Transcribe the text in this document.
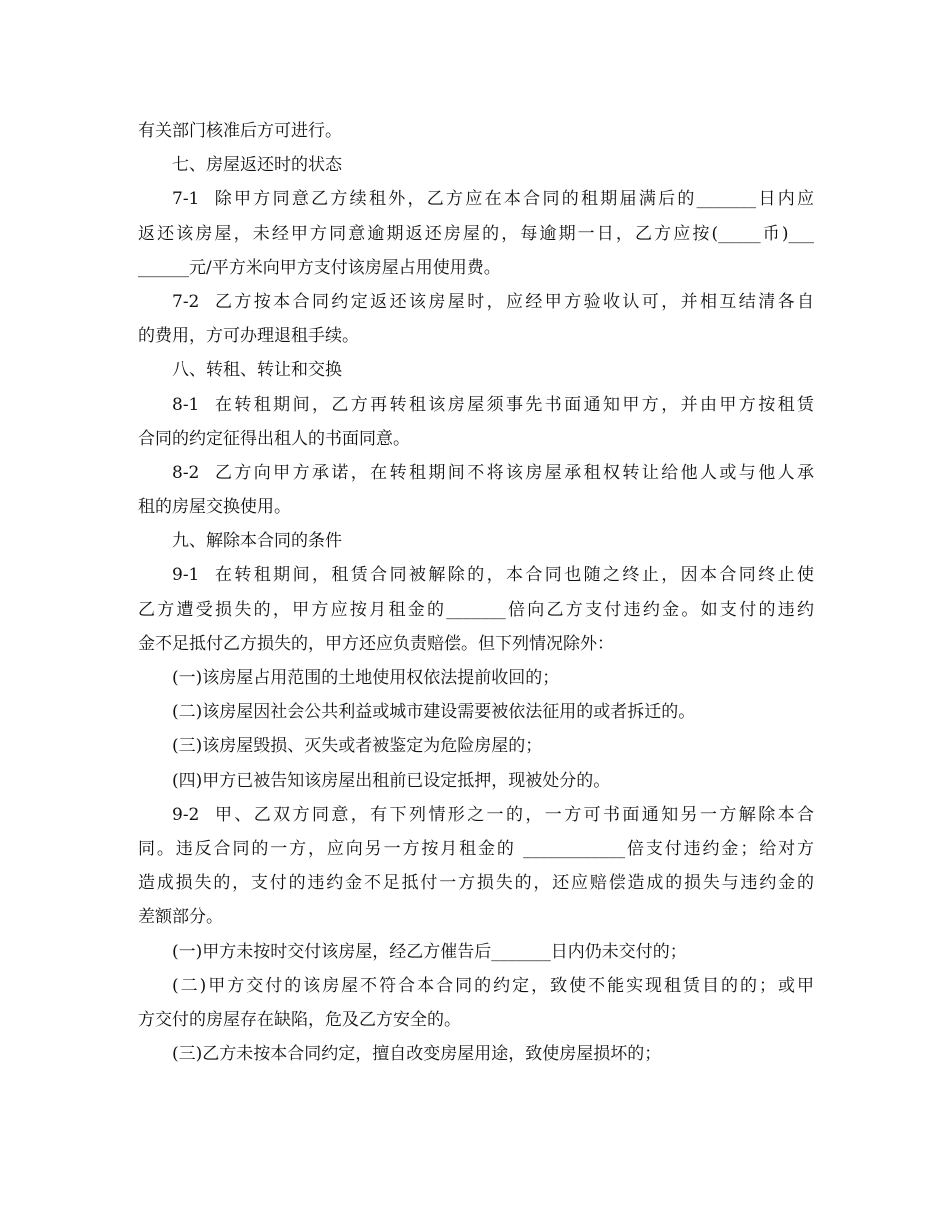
有关部门核准后方可进行。
七、房屋返还时的状态
7-1  除甲方同意乙方续租外，乙方应在本合同的租期届满后的_______日内应
返还该房屋，未经甲方同意逾期返还房屋的，每逾期一日，乙方应按(_____币)___
______元/平方米向甲方支付该房屋占用使用费。
7-2  乙方按本合同约定返还该房屋时，应经甲方验收认可，并相互结清各自
的费用，方可办理退租手续。
八、转租、转让和交换
8-1  在转租期间，乙方再转租该房屋须事先书面通知甲方，并由甲方按租赁
合同的约定征得出租人的书面同意。
8-2  乙方向甲方承诺，在转租期间不将该房屋承租权转让给他人或与他人承
租的房屋交换使用。
九、解除本合同的条件
9-1  在转租期间，租赁合同被解除的，本合同也随之终止，因本合同终止使
乙方遭受损失的，甲方应按月租金的_______倍向乙方支付违约金。如支付的违约
金不足抵付乙方损失的，甲方还应负责赔偿。但下列情况除外：
(一)该房屋占用范围的土地使用权依法提前收回的；
(二)该房屋因社会公共利益或城市建设需要被依法征用的或者拆迁的。
(三)该房屋毁损、灭失或者被鉴定为危险房屋的；
(四)甲方已被告知该房屋出租前已设定抵押，现被处分的。
9-2  甲、乙双方同意，有下列情形之一的，一方可书面通知另一方解除本合
同。违反合同的一方，应向另一方按月租金的 ____________倍支付违约金；给对方
造成损失的，支付的违约金不足抵付一方损失的，还应赔偿造成的损失与违约金的
差额部分。
(一)甲方未按时交付该房屋，经乙方催告后_______日内仍未交付的；
(二)甲方交付的该房屋不符合本合同的约定，致使不能实现租赁目的的；或甲
方交付的房屋存在缺陷，危及乙方安全的。
(三)乙方未按本合同约定，擅自改变房屋用途，致使房屋损坏的；
